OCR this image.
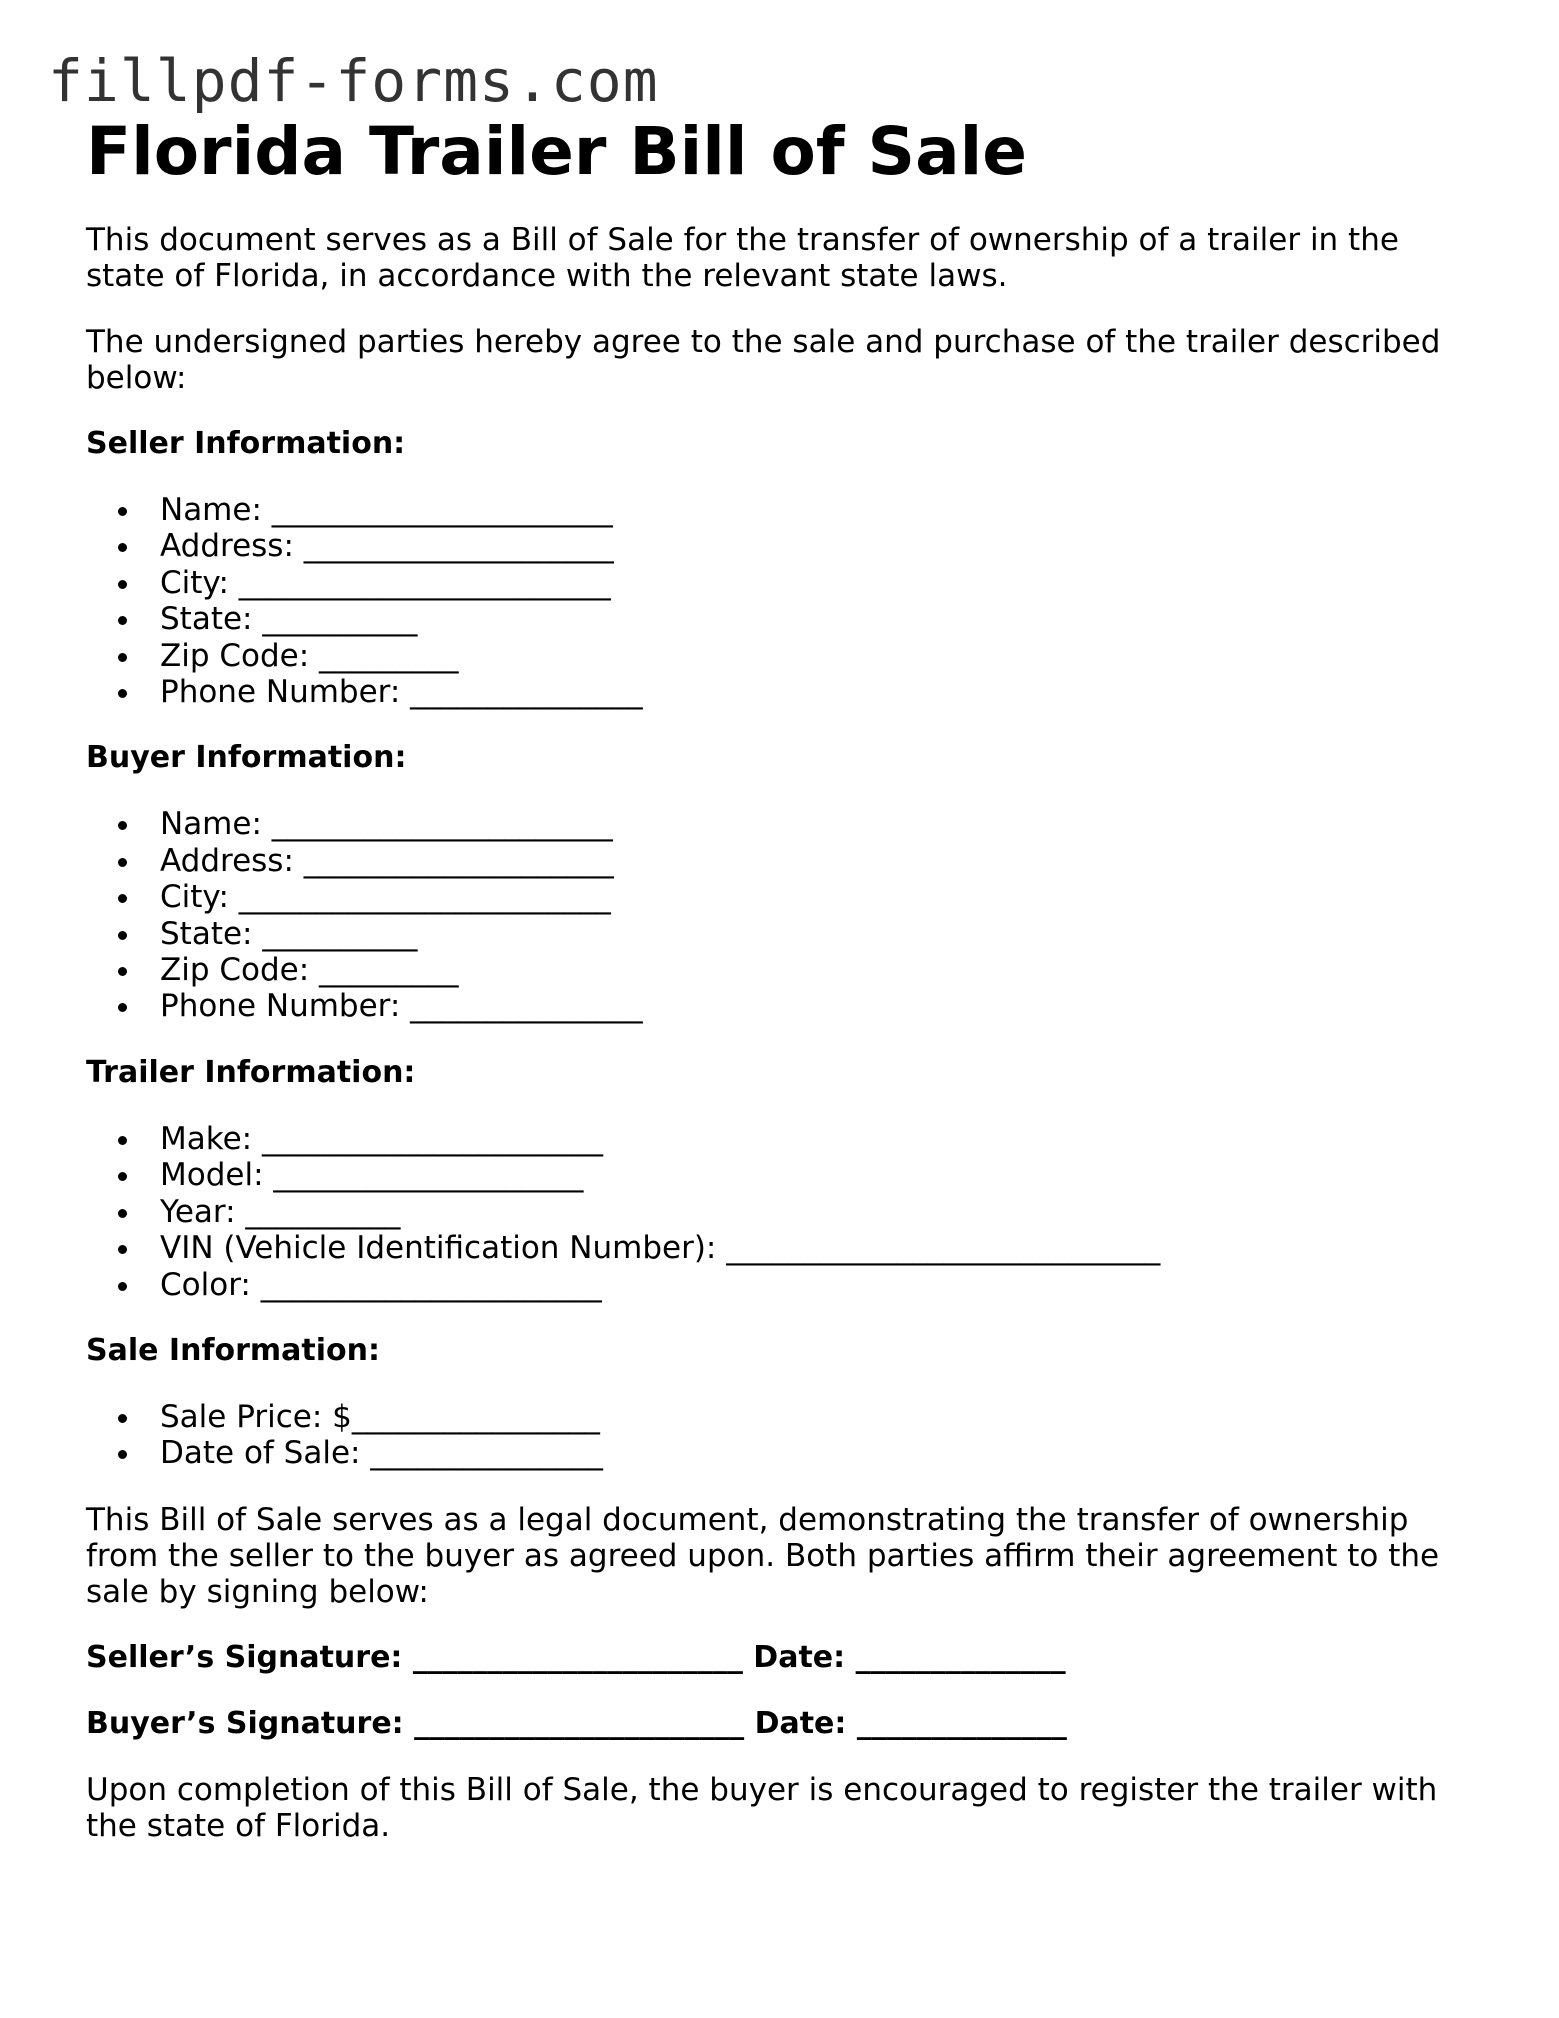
fillpdf-forms.com
Florida Trailer Bill of Sale

This document serves as a Bill of Sale for the transfer of ownership of a trailer in the state of Florida, in accordance with the relevant state laws.

The undersigned parties hereby agree to the sale and purchase of the trailer described below:

Seller Information:
Name: ______________________
Address: ____________________
City: ________________________
State: __________
Zip Code: _________
Phone Number: _______________
Buyer Information:
Name: ______________________
Address: ____________________
City: ________________________
State: __________
Zip Code: _________
Phone Number: _______________
Trailer Information:
Make: ______________________
Model: ____________________
Year: __________
VIN (Vehicle Identification Number): ____________________________
Color: ______________________
Sale Information:
Sale Price: $________________
Date of Sale: _______________

This Bill of Sale serves as a legal document, demonstrating the transfer of ownership from the seller to the buyer as agreed upon. Both parties affirm their agreement to the sale by signing below:

Seller’s Signature: ______________________ Date: ______________
Buyer’s Signature: ______________________ Date: ______________

Upon completion of this Bill of Sale, the buyer is encouraged to register the trailer with the state of Florida.
